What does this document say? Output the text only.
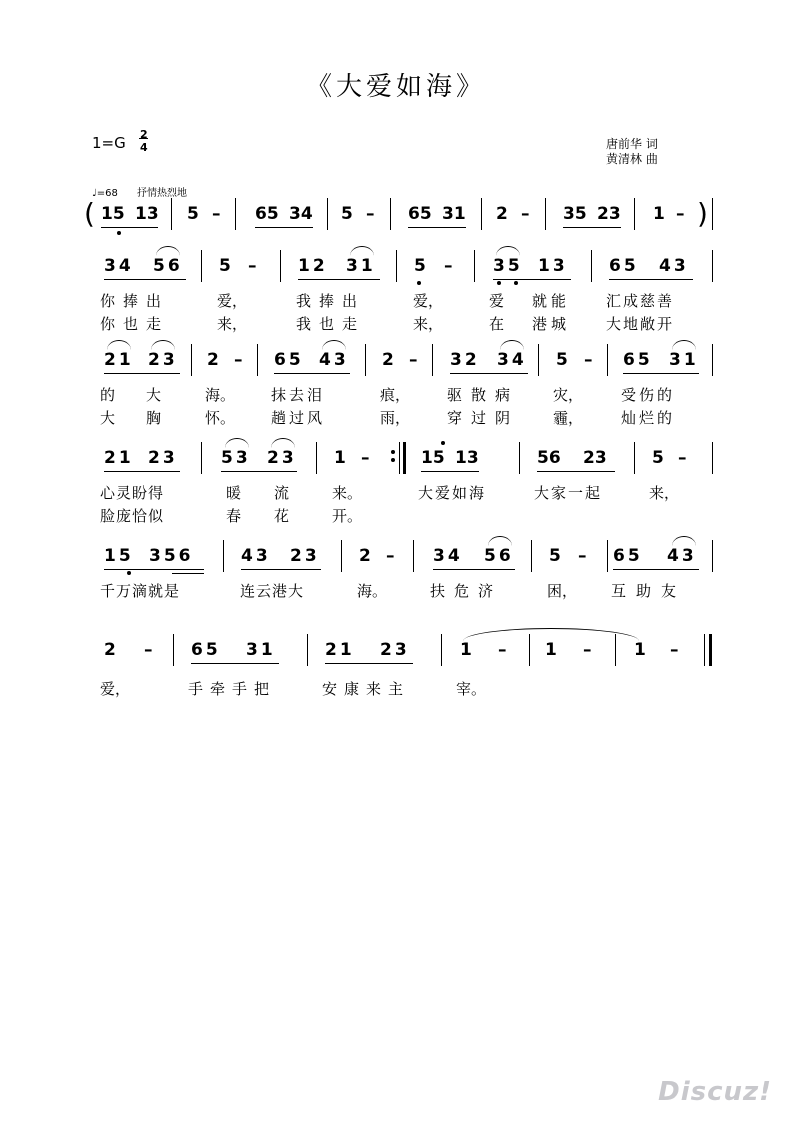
《大爱如海》
1=G 2
4	唐前华 词
黄清林 曲
♩=68 抒情热烈地
( 15 13 5 – 65 34 5 – 65 31 2 – 35 23 1 – )
34 56 5 – 12 31 5 – 35 13 65 43
你捧出	爱，	我捧出	爱，	爱 就能 汇成慈善
你也走	来，	我也走	来，	在 港城 大地敞开
21 23 2 – 65 43 2 – 32 34 5 – 65 31
的 大	海。 抹去泪	痕， 驱散病 灾，	受伤的
大 胸	怀。 趟过风	雨， 穿过阴 霾，	灿烂的
21 23	53 23 1 –	15 13	56 23	5 –
心灵盼得	暖 流	来。	大爱如海	大家一起	来，
脸庞恰似	春 花	开。
15 356	43 23 2 – 34 56 5 – 65 43
千万滴就是	连云港大	海。	扶危济	困， 互助友
2 – 65 31	21 23	1 – 1 –	1 –
爱，	手牵手把	安康来主	宰。
Discuz!
